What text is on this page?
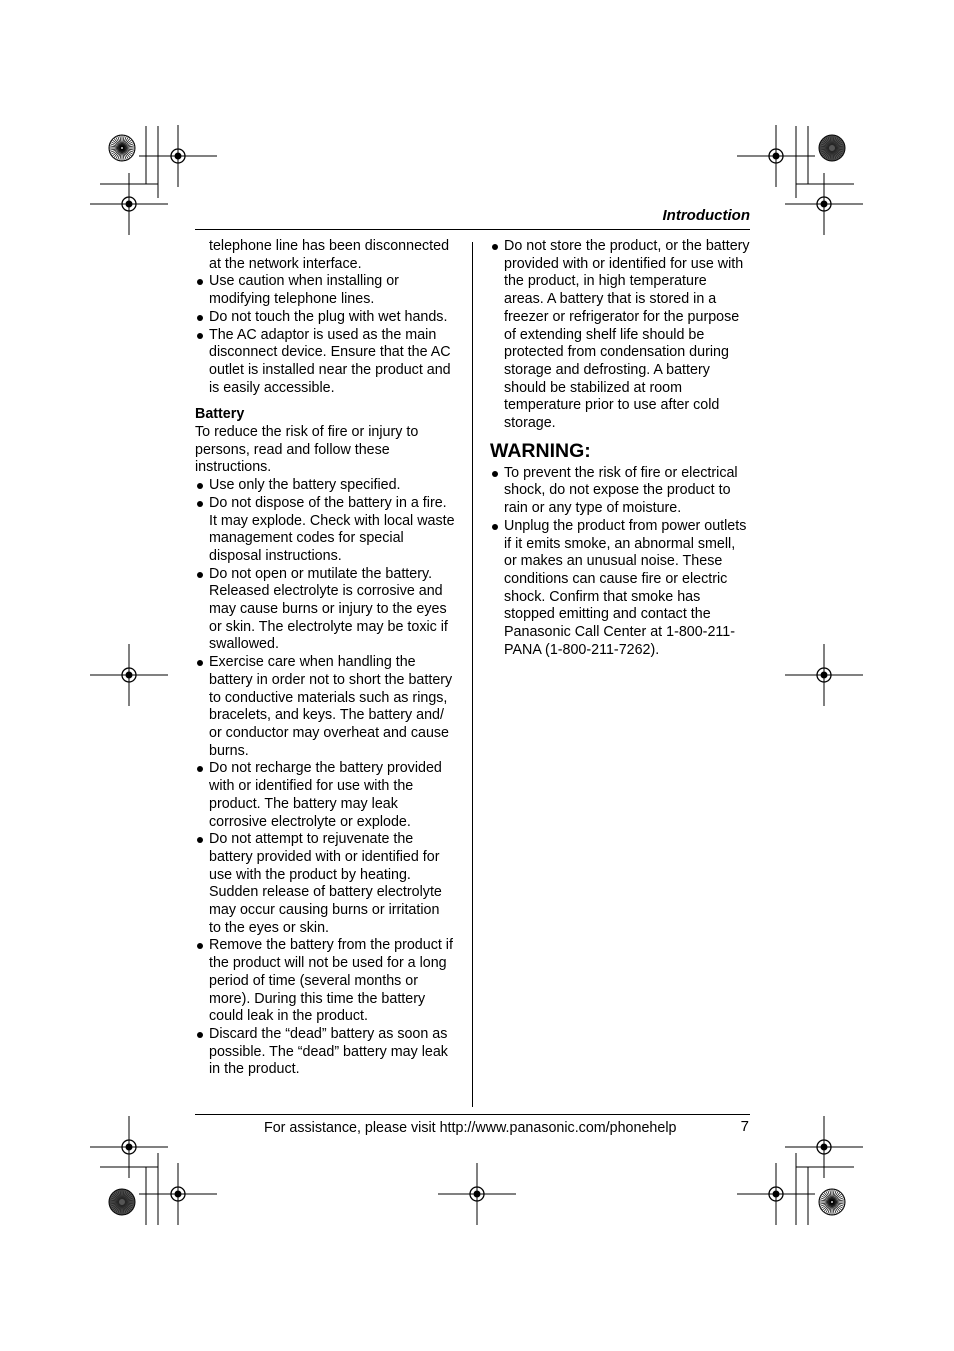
Introduction
telephone line has been disconnected
at the network interface.
Use caution when installing or
modifying telephone lines.
Do not touch the plug with wet hands.
The AC adaptor is used as the main
disconnect device. Ensure that the AC
outlet is installed near the product and
is easily accessible.
Battery
To reduce the risk of fire or injury to
persons, read and follow these
instructions.
Use only the battery specified.
Do not dispose of the battery in a fire.
It may explode. Check with local waste
management codes for special
disposal instructions.
Do not open or mutilate the battery.
Released electrolyte is corrosive and
may cause burns or injury to the eyes
or skin. The electrolyte may be toxic if
swallowed.
Exercise care when handling the
battery in order not to short the battery
to conductive materials such as rings,
bracelets, and keys. The battery and/
or conductor may overheat and cause
burns.
Do not recharge the battery provided
with or identified for use with the
product. The battery may leak
corrosive electrolyte or explode.
Do not attempt to rejuvenate the
battery provided with or identified for
use with the product by heating.
Sudden release of battery electrolyte
may occur causing burns or irritation
to the eyes or skin.
Remove the battery from the product if
the product will not be used for a long
period of time (several months or
more). During this time the battery
could leak in the product.
Discard the “dead” battery as soon as
possible. The “dead” battery may leak
in the product.
Do not store the product, or the battery
provided with or identified for use with
the product, in high temperature
areas. A battery that is stored in a
freezer or refrigerator for the purpose
of extending shelf life should be
protected from condensation during
storage and defrosting. A battery
should be stabilized at room
temperature prior to use after cold
storage.
WARNING:
To prevent the risk of fire or electrical
shock, do not expose the product to
rain or any type of moisture.
Unplug the product from power outlets
if it emits smoke, an abnormal smell,
or makes an unusual noise. These
conditions can cause fire or electric
shock. Confirm that smoke has
stopped emitting and contact the
Panasonic Call Center at 1-800-211-
PANA (1-800-211-7262).
For assistance, please visit http://www.panasonic.com/phonehelp	7
